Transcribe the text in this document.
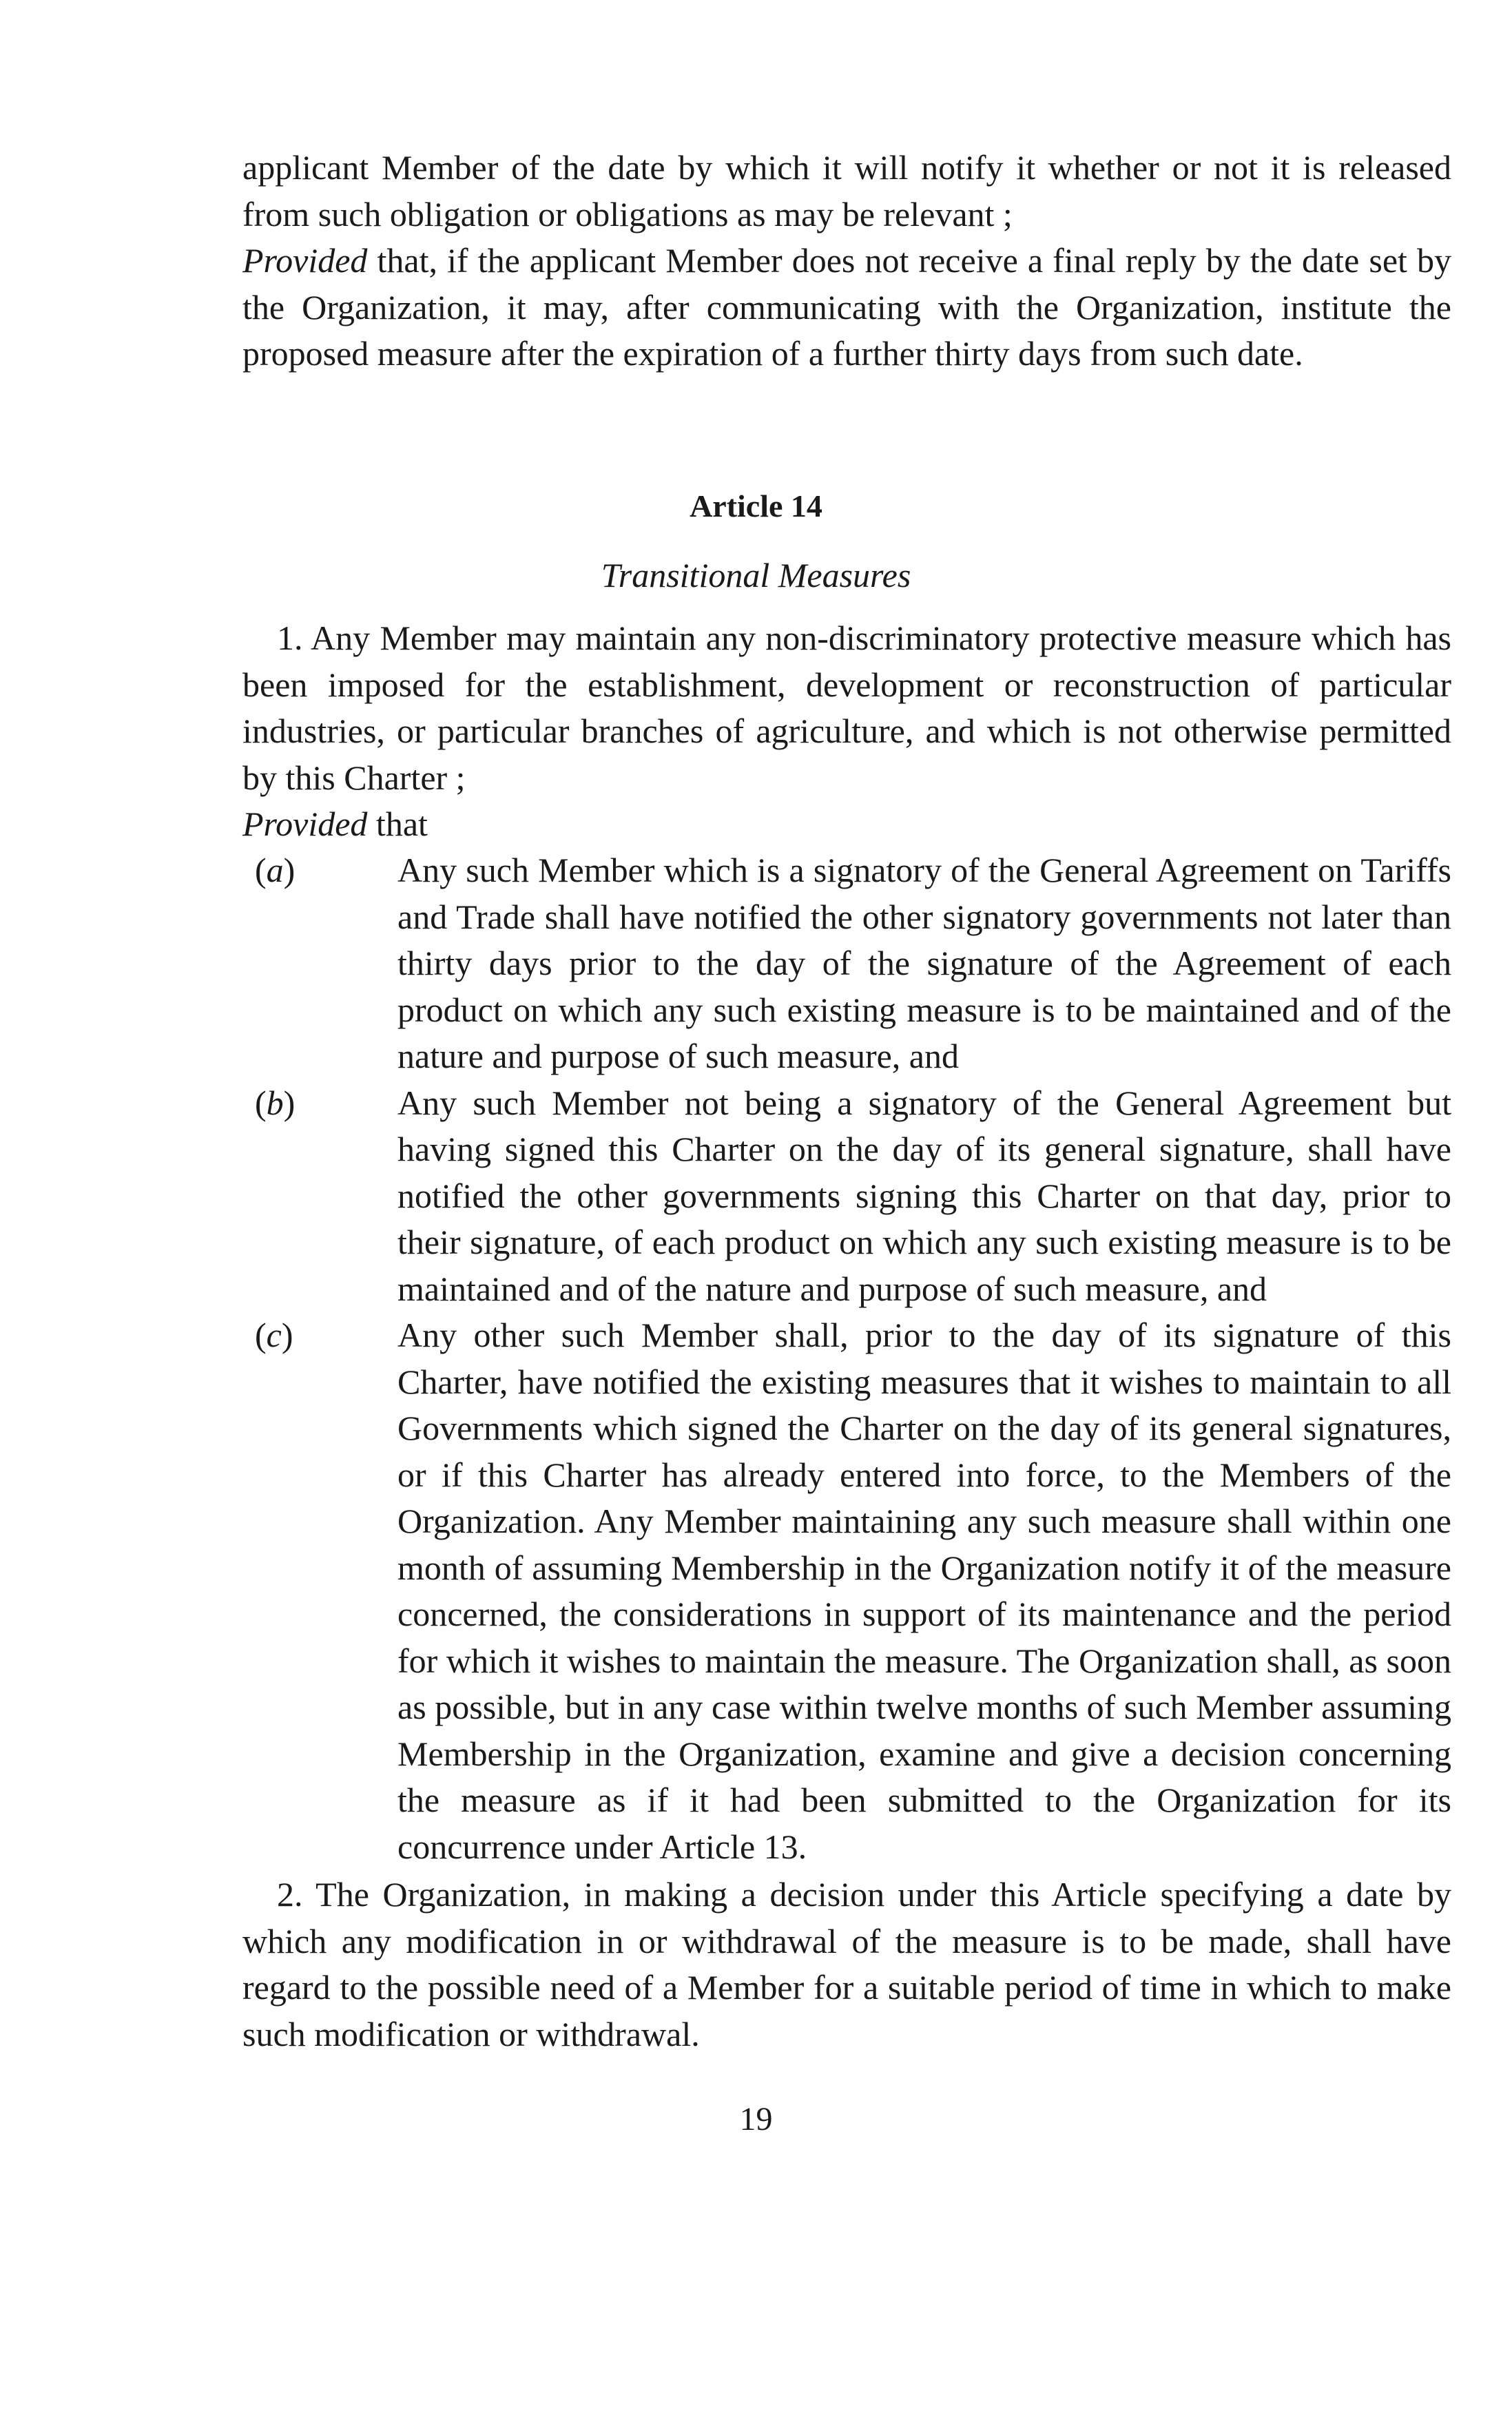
applicant Member of the date by which it will notify it whether or not it is released from such obligation or obligations as may be relevant ;
Provided that, if the applicant Member does not receive a final reply by the date set by the Organization, it may, after communicating with the Organization, institute the proposed measure after the expiration of a further thirty days from such date.

Article 14
Transitional Measures

1. Any Member may maintain any non-discriminatory protective measure which has been imposed for the establishment, development or reconstruction of particular industries, or particular branches of agriculture, and which is not otherwise permitted by this Charter ;
Provided that

(a)	Any such Member which is a signatory of the General Agreement on Tariffs and Trade shall have notified the other signatory governments not later than thirty days prior to the day of the signature of the Agreement of each product on which any such existing measure is to be maintained and of the nature and purpose of such measure, and
(b)	Any such Member not being a signatory of the General Agreement but having signed this Charter on the day of its general signature, shall have notified the other governments signing this Charter on that day, prior to their signature, of each product on which any such existing measure is to be maintained and of the nature and purpose of such measure, and
(c)	Any other such Member shall, prior to the day of its signature of this Charter, have notified the existing measures that it wishes to maintain to all Governments which signed the Charter on the day of its general signatures, or if this Charter has already entered into force, to the Members of the Organization. Any Member maintaining any such measure shall within one month of assuming Membership in the Organization notify it of the measure concerned, the considerations in support of its maintenance and the period for which it wishes to maintain the measure. The Organization shall, as soon as possible, but in any case within twelve months of such Member assuming Membership in the Organization, examine and give a decision concerning the measure as if it had been submitted to the Organization for its concurrence under Article 13.

2. The Organization, in making a decision under this Article specifying a date by which any modification in or withdrawal of the measure is to be made, shall have regard to the possible need of a Member for a suitable period of time in which to make such modification or withdrawal.

19
